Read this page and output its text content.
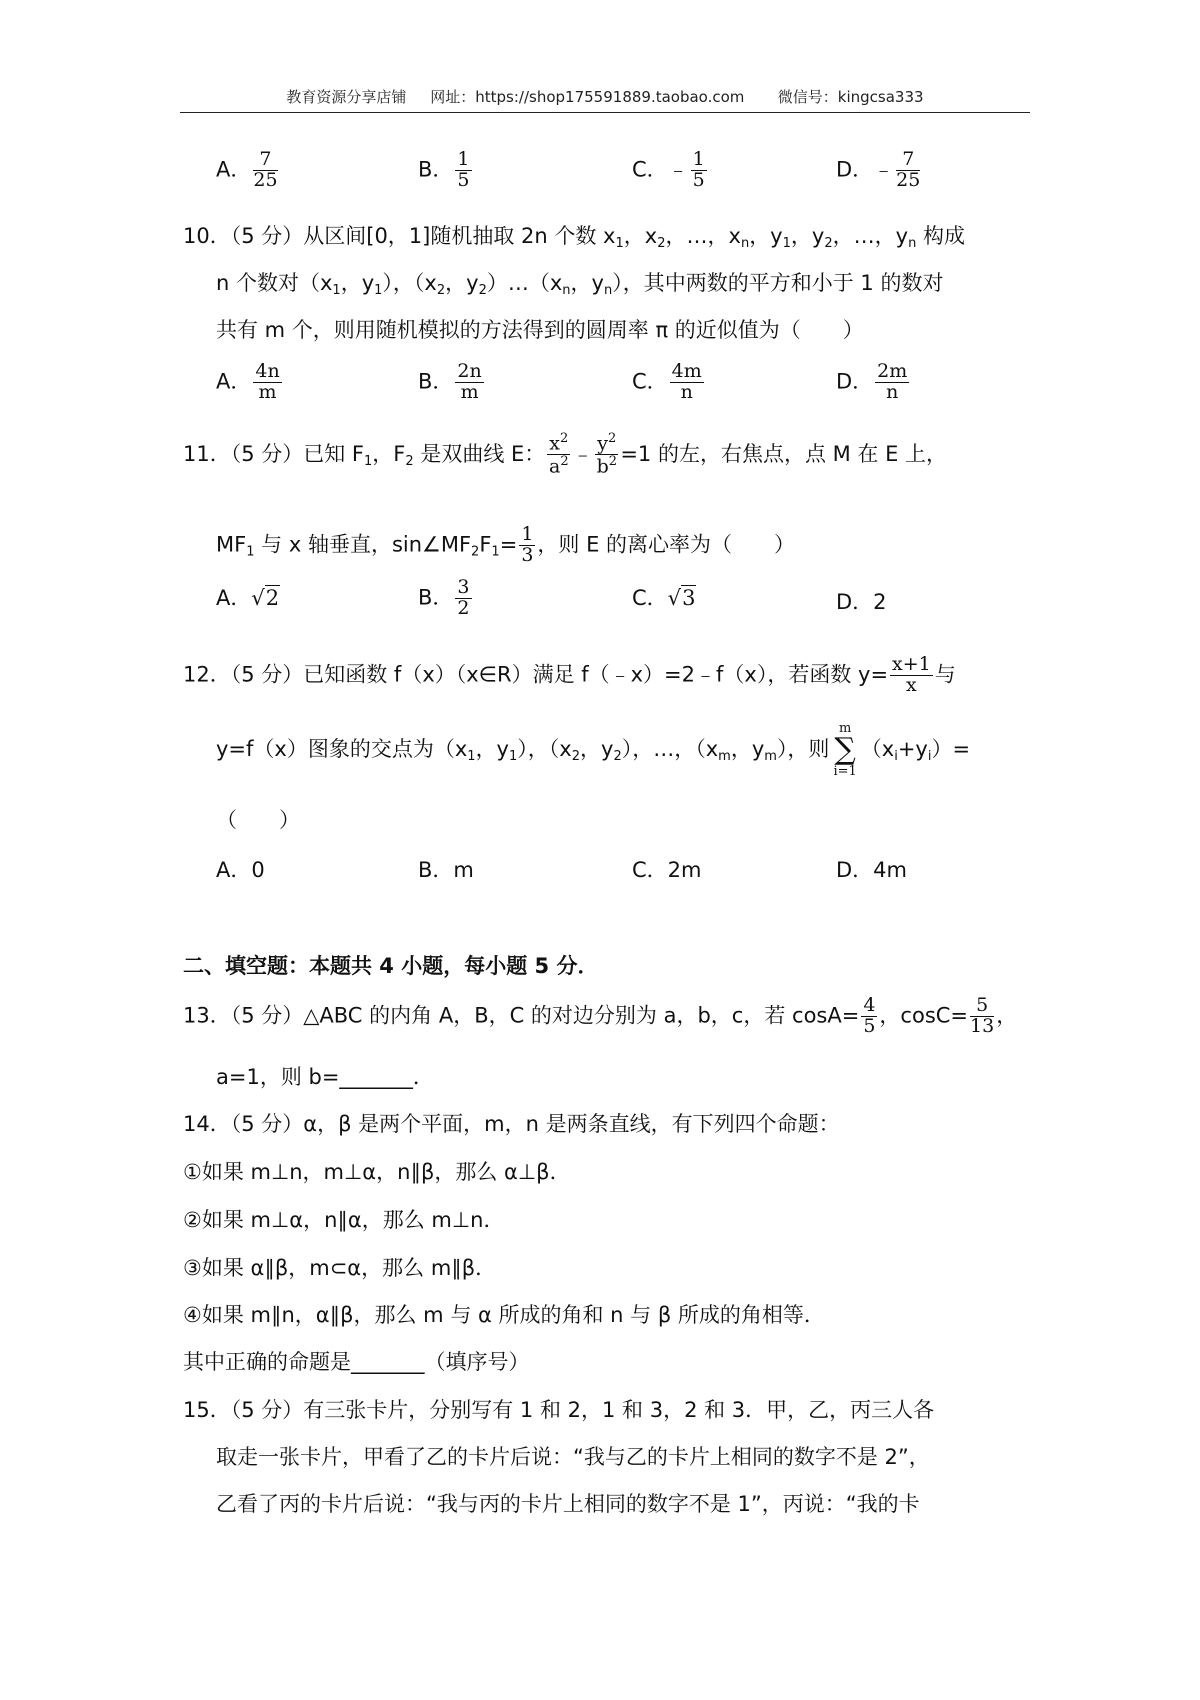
教育资源分享店铺 网址：https://shop175591889.taobao.com 微信号：kingcsa333
A． $\frac{7}{25}$	B． $\frac{1}{5}$	C．﹣ $\frac{1}{5}$	D．﹣ $\frac{7}{25}$
10．（5 分）从区间[0，1]随机抽取 2n 个数 $x_1$，$x_2$，…，$x_n$，$y_1$，$y_2$，…，$y_n$ 构成
n 个数对（$x_1$，$y_1$），（$x_2$，$y_2)\dots(x_n$，$y_n$），其中两数的平方和小于 1 的数对
共有 m 个，则用随机模拟的方法得到的圆周率 π 的近似值为（　　）
A． $\frac{4n}{m}$	B． $\frac{2n}{m}$	C． $\frac{4m}{n}$	D． $\frac{2m}{n}$
11．（5 分）已知 $F_1$，$F_2$ 是双曲线 E： $\frac{x^2}{a^2}$ ﹣ $\frac{y^2}{b^2} =1$ 的左，右焦点，点 M 在 E 上，
$MF_1$ 与 x 轴垂直，$\sin\angle MF_2F_1= \frac{1}{3}$ ，则 E 的离心率为（　　）
A．√2	B． $\frac{3}{2}$	C．√3	D．2
12．（5 分）已知函数 f（x）（x∈R）满足 f（﹣x）=2﹣f（x），若函数 $y= \frac{x+1}{x}$ 与
y=f（x）图象的交点为（$x_1$，$y_1$），（$x_2$，$y_2$），…，（$x_m$，$y_m$），则
m
∑
i=1
$(x_i+y_i)=$
（　　）
A．0	B．m	C．2m	D．4m
二、填空题：本题共 4 小题，每小题 5 分．
13．（5 分）△ABC 的内角 A，B，C 的对边分别为 a，b，c，若 $\cos A= \frac{4}{5}$ ，$\cos C= \frac{5}{13}$ ，
a=1，则 b=_______．
14．（5 分）α，β 是两个平面，m，n 是两条直线，有下列四个命题：
①如果 m⊥n，m⊥α，n∥β，那么 α⊥β．
②如果 m⊥α，n∥α，那么 m⊥n．
③如果 α∥β，m⊂α，那么 m∥β．
④如果 m∥n，α∥β，那么 m 与 α 所成的角和 n 与 β 所成的角相等．
其中正确的命题是_______（填序号）
15．（5 分）有三张卡片，分别写有 1 和 2，1 和 3，2 和 3．甲，乙，丙三人各
取走一张卡片，甲看了乙的卡片后说：“我与乙的卡片上相同的数字不是 2”，
乙看了丙的卡片后说：“我与丙的卡片上相同的数字不是 1”，丙说：“我的卡
